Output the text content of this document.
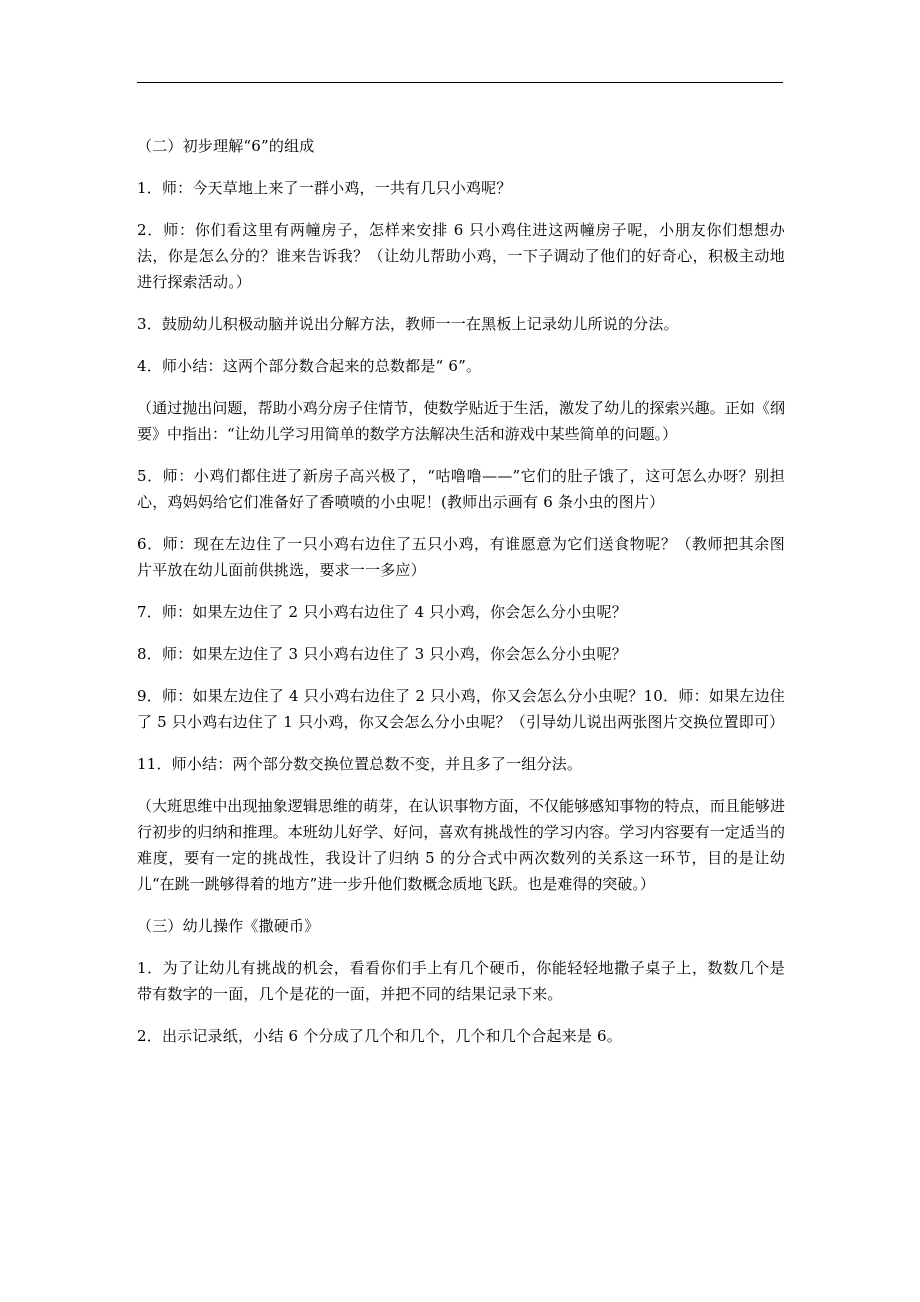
（二）初步理解“6”的组成

1．师：今天草地上来了一群小鸡，一共有几只小鸡呢？

2．师：你们看这里有两幢房子，怎样来安排 6 只小鸡住进这两幢房子呢，小朋友你们想想办法，你是怎么分的？谁来告诉我？（让幼儿帮助小鸡，一下子调动了他们的好奇心，积极主动地进行探索活动。）

3．鼓励幼儿积极动脑并说出分解方法，教师一一在黑板上记录幼儿所说的分法。

4．师小结：这两个部分数合起来的总数都是“ 6”。

（通过抛出问题，帮助小鸡分房子住情节，使数学贴近于生活，激发了幼儿的探索兴趣。正如《纲要》中指出：“让幼儿学习用简单的数学方法解决生活和游戏中某些简单的问题。）

5．师：小鸡们都住进了新房子高兴极了，“咕噜噜——”它们的肚子饿了，这可怎么办呀？别担心，鸡妈妈给它们准备好了香喷喷的小虫呢！(教师出示画有 6 条小虫的图片）

6．师：现在左边住了一只小鸡右边住了五只小鸡，有谁愿意为它们送食物呢？（教师把其余图片平放在幼儿面前供挑选，要求一一多应）

7．师：如果左边住了 2 只小鸡右边住了 4 只小鸡，你会怎么分小虫呢？

8．师：如果左边住了 3 只小鸡右边住了 3 只小鸡，你会怎么分小虫呢？

9．师：如果左边住了 4 只小鸡右边住了 2 只小鸡，你又会怎么分小虫呢？10．师：如果左边住了 5 只小鸡右边住了 1 只小鸡，你又会怎么分小虫呢？（引导幼儿说出两张图片交换位置即可）

11．师小结：两个部分数交换位置总数不变，并且多了一组分法。

（大班思维中出现抽象逻辑思维的萌芽，在认识事物方面，不仅能够感知事物的特点，而且能够进行初步的归纳和推理。本班幼儿好学、好问，喜欢有挑战性的学习内容。学习内容要有一定适当的难度，要有一定的挑战性，我设计了归纳 5 的分合式中两次数列的关系这一环节，目的是让幼儿“在跳一跳够得着的地方”进一步升他们数概念质地飞跃。也是难得的突破。）

（三）幼儿操作《撒硬币》

1．为了让幼儿有挑战的机会，看看你们手上有几个硬币，你能轻轻地撒子桌子上，数数几个是带有数字的一面，几个是花的一面，并把不同的结果记录下来。

2．出示记录纸，小结 6 个分成了几个和几个，几个和几个合起来是 6。
